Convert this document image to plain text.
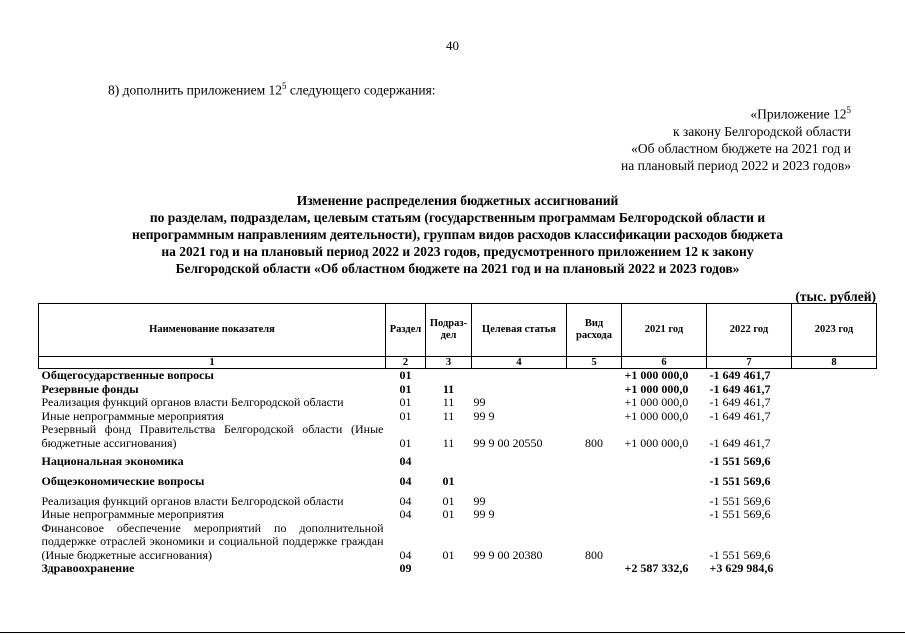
40
8) дополнить приложением $12^5$ следующего содержания:
«Приложение $12^5$
к закону Белгородской области
«Об областном бюджете на 2021 год и
на плановый период 2022 и 2023 годов»
Изменение распределения бюджетных ассигнований
по разделам, подразделам, целевым статьям (государственным программам Белгородской области и
непрограммным направлениям деятельности), группам видов расходов классификации расходов бюджета
на 2021 год и на плановый период 2022 и 2023 годов, предусмотренного приложением 12 к закону
Белгородской области «Об областном бюджете на 2021 год и на плановый 2022 и 2023 годов»
(тыс. рублей)
Наименование показателя	Раздел	Подраз-дел	Целевая статья	Вид расхода	2021 год	2022 год	2023 год
1	2	3	4	5	6	7	8
Общегосударственные вопросы	01				+1 000 000,0	-1 649 461,7	
Резервные фонды	01	11			+1 000 000,0	-1 649 461,7	
Реализация функций органов власти Белгородской области	01	11	99		+1 000 000,0	-1 649 461,7	
Иные непрограммные мероприятия	01	11	99 9		+1 000 000,0	-1 649 461,7	
Резервный фонд Правительства Белгородской области (Иные бюджетные ассигнования)	01	11	99 9 00 20550	800	+1 000 000,0	-1 649 461,7	
Национальная экономика	04					-1 551 569,6	
Общеэкономические вопросы	04	01				-1 551 569,6	
Реализация функций органов власти Белгородской области	04	01	99			-1 551 569,6	
Иные непрограммные мероприятия	04	01	99 9			-1 551 569,6	
Финансовое обеспечение мероприятий по дополнительной поддержке отраслей экономики и социальной поддержке граждан (Иные бюджетные ассигнования)	04	01	99 9 00 20380	800		-1 551 569,6	
Здравоохранение	09				+2 587 332,6	+3 629 984,6	
